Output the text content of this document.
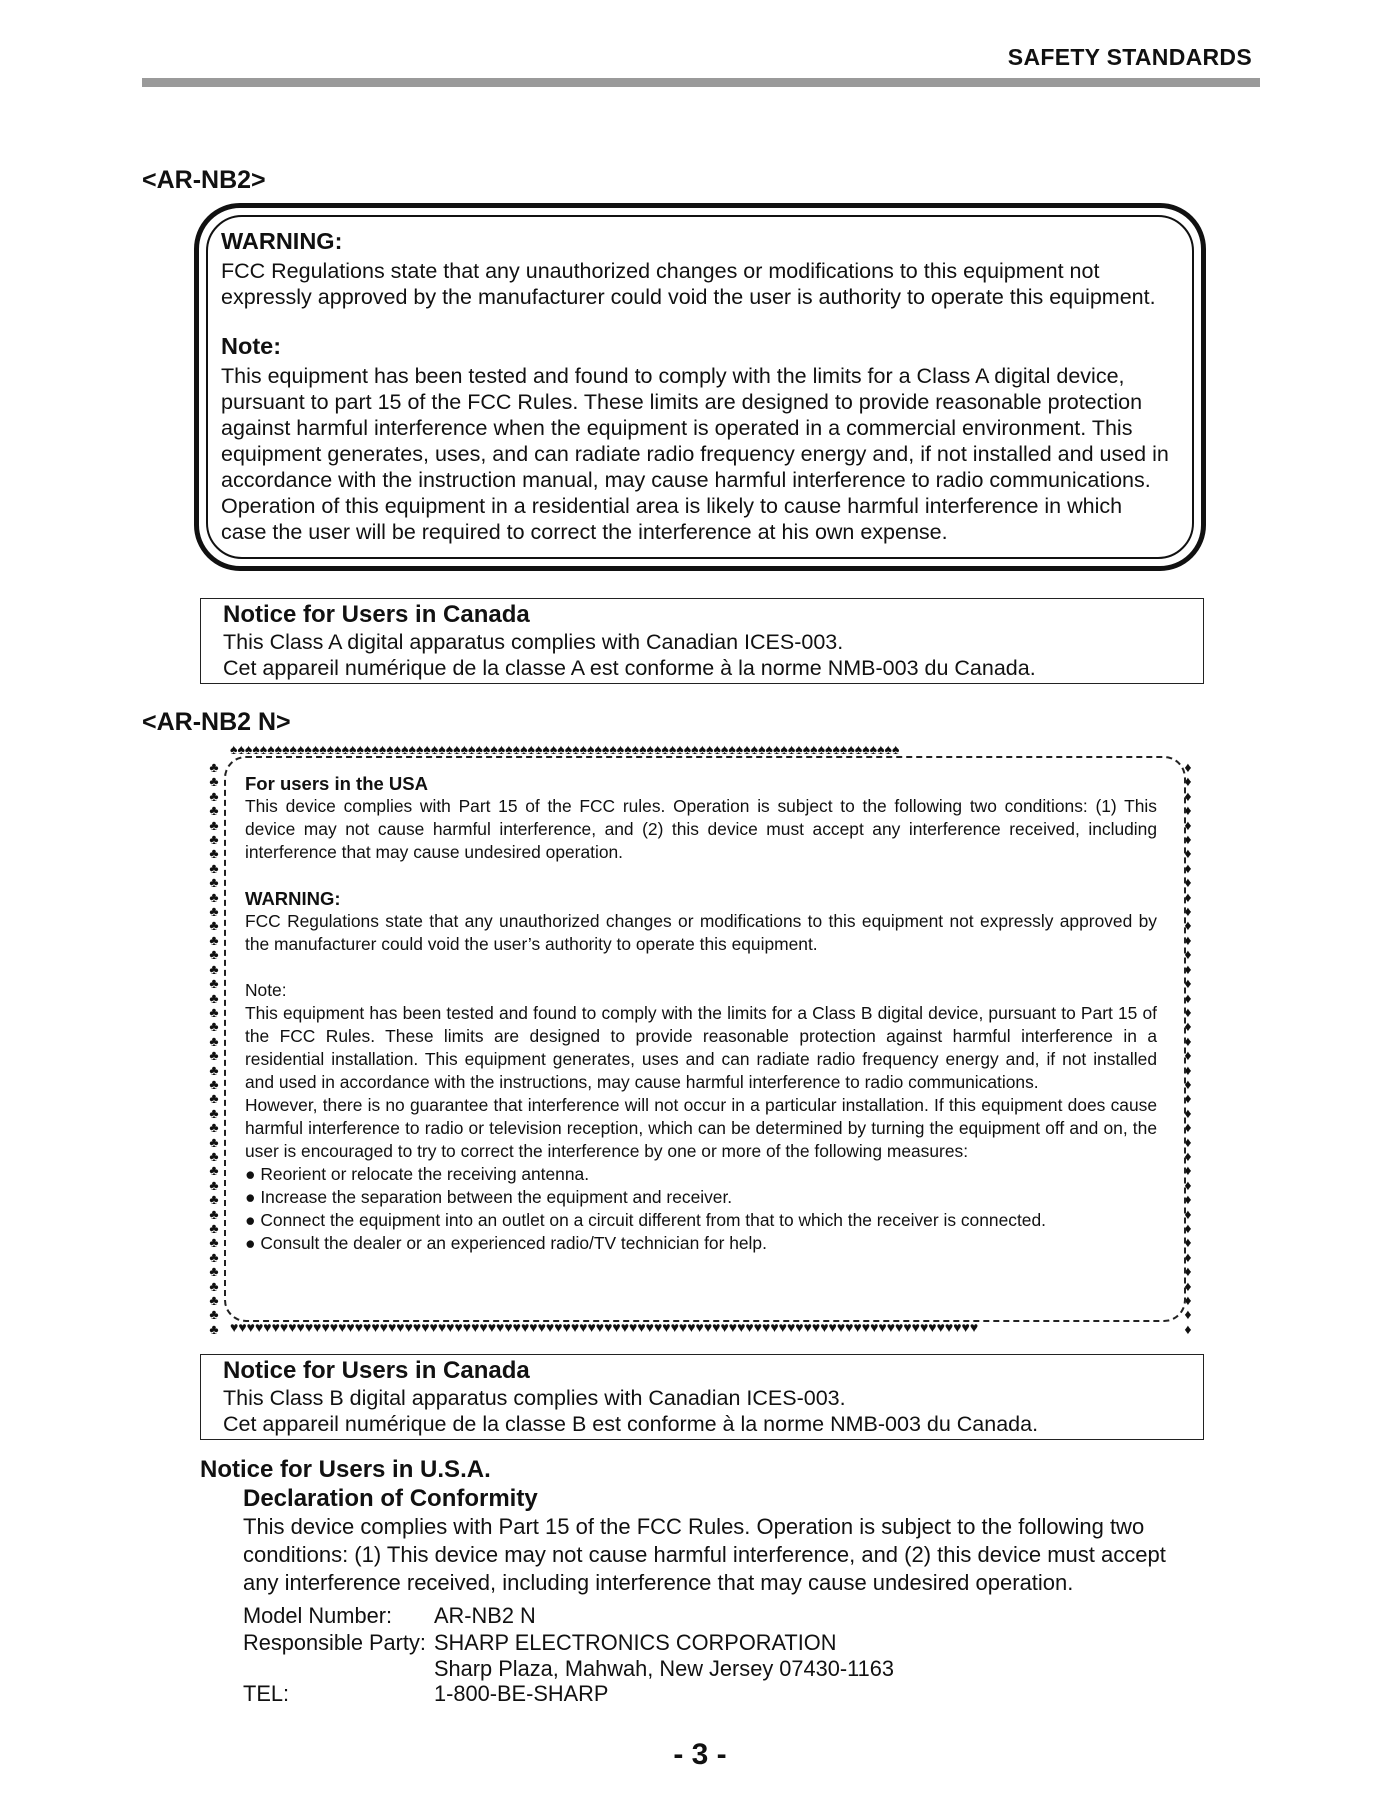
SAFETY STANDARDS
<AR-NB2>
WARNING:
FCC Regulations state that any unauthorized changes or modifications to this equipment not
expressly approved by the manufacturer could void the user is authority to operate this equipment.
Note:
This equipment has been tested and found to comply with the limits for a Class A digital device,
pursuant to part 15 of the FCC Rules. These limits are designed to provide reasonable protection
against harmful interference when the equipment is operated in a commercial environment. This
equipment generates, uses, and can radiate radio frequency energy and, if not installed and used in
accordance with the instruction manual, may cause harmful interference to radio communications.
Operation of this equipment in a residential area is likely to cause harmful interference in which
case the user will be required to correct the interference at his own expense.
Notice for Users in Canada
This Class A digital apparatus complies with Canadian ICES-003.
Cet appareil numérique de la classe A est conforme à la norme NMB-003 du Canada.
<AR-NB2 N>
♠♠♠♠♠♠♠♠♠♠♠♠♠♠♠♠♠♠♠♠♠♠♠♠♠♠♠♠♠♠♠♠♠♠♠♠♠♠♠♠♠♠♠♠♠♠♠♠♠♠♠♠♠♠♠♠♠♠♠♠♠♠♠♠♠♠♠♠♠♠♠♠♠♠♠♠♠♠♠♠♠♠♠♠♠♠♠♠♠♠
♥♥♥♥♥♥♥♥♥♥♥♥♥♥♥♥♥♥♥♥♥♥♥♥♥♥♥♥♥♥♥♥♥♥♥♥♥♥♥♥♥♥♥♥♥♥♥♥♥♥♥♥♥♥♥♥♥♥♥♥♥♥♥♥♥♥♥♥♥♥♥♥♥♥♥♥♥♥♥♥♥♥♥♥♥♥♥♥♥♥
♣ ♣ ♣ ♣ ♣ ♣ ♣ ♣ ♣ ♣ ♣ ♣ ♣ ♣ ♣ ♣ ♣ ♣ ♣ ♣ ♣ ♣ ♣ ♣ ♣ ♣ ♣ ♣ ♣ ♣ ♣ ♣ ♣ ♣ ♣ ♣ ♣ ♣ ♣ ♣
♦ ♦ ♦ ♦ ♦ ♦ ♦ ♦ ♦ ♦ ♦ ♦ ♦ ♦ ♦ ♦ ♦ ♦ ♦ ♦ ♦ ♦ ♦ ♦ ♦ ♦ ♦ ♦ ♦ ♦ ♦ ♦ ♦ ♦ ♦ ♦ ♦ ♦ ♦ ♦

For users in the USA

This device complies with Part 15 of the FCC rules. Operation is subject to the following two conditions: (1) This device may not cause harmful interference, and (2) this device must accept any interference received, including interference that may cause undesired operation.

WARNING:

FCC Regulations state that any unauthorized changes or modifications to this equipment not expressly approved by the manufacturer could void the user’s authority to operate this equipment.

Note:

This equipment has been tested and found to comply with the limits for a Class B digital device, pursuant to Part 15 of the FCC Rules. These limits are designed to provide reasonable protection against harmful interference in a residential installation. This equipment generates, uses and can radiate radio frequency energy and, if not installed and used in accordance with the instructions, may cause harmful interference to radio communications.

However, there is no guarantee that interference will not occur in a particular installation. If this equipment does cause harmful interference to radio or television reception, which can be determined by turning the equipment off and on, the user is encouraged to try to correct the interference by one or more of the following measures:

● Reorient or relocate the receiving antenna.
● Increase the separation between the equipment and receiver.
● Connect the equipment into an outlet on a circuit different from that to which the receiver is connected.
● Consult the dealer or an experienced radio/TV technician for help.
Notice for Users in Canada
This Class B digital apparatus complies with Canadian ICES-003.
Cet appareil numérique de la classe B est conforme à la norme NMB-003 du Canada.
Notice for Users in U.S.A.
Declaration of Conformity
This device complies with Part 15 of the FCC Rules. Operation is subject to the following two
conditions: (1) This device may not cause harmful interference, and (2) this device must accept
any interference received, including interference that may cause undesired operation.
Model Number: AR-NB2 N
Responsible Party: SHARP ELECTRONICS CORPORATION
Sharp Plaza, Mahwah, New Jersey 07430-1163
TEL:	1-800-BE-SHARP
- 3 -
